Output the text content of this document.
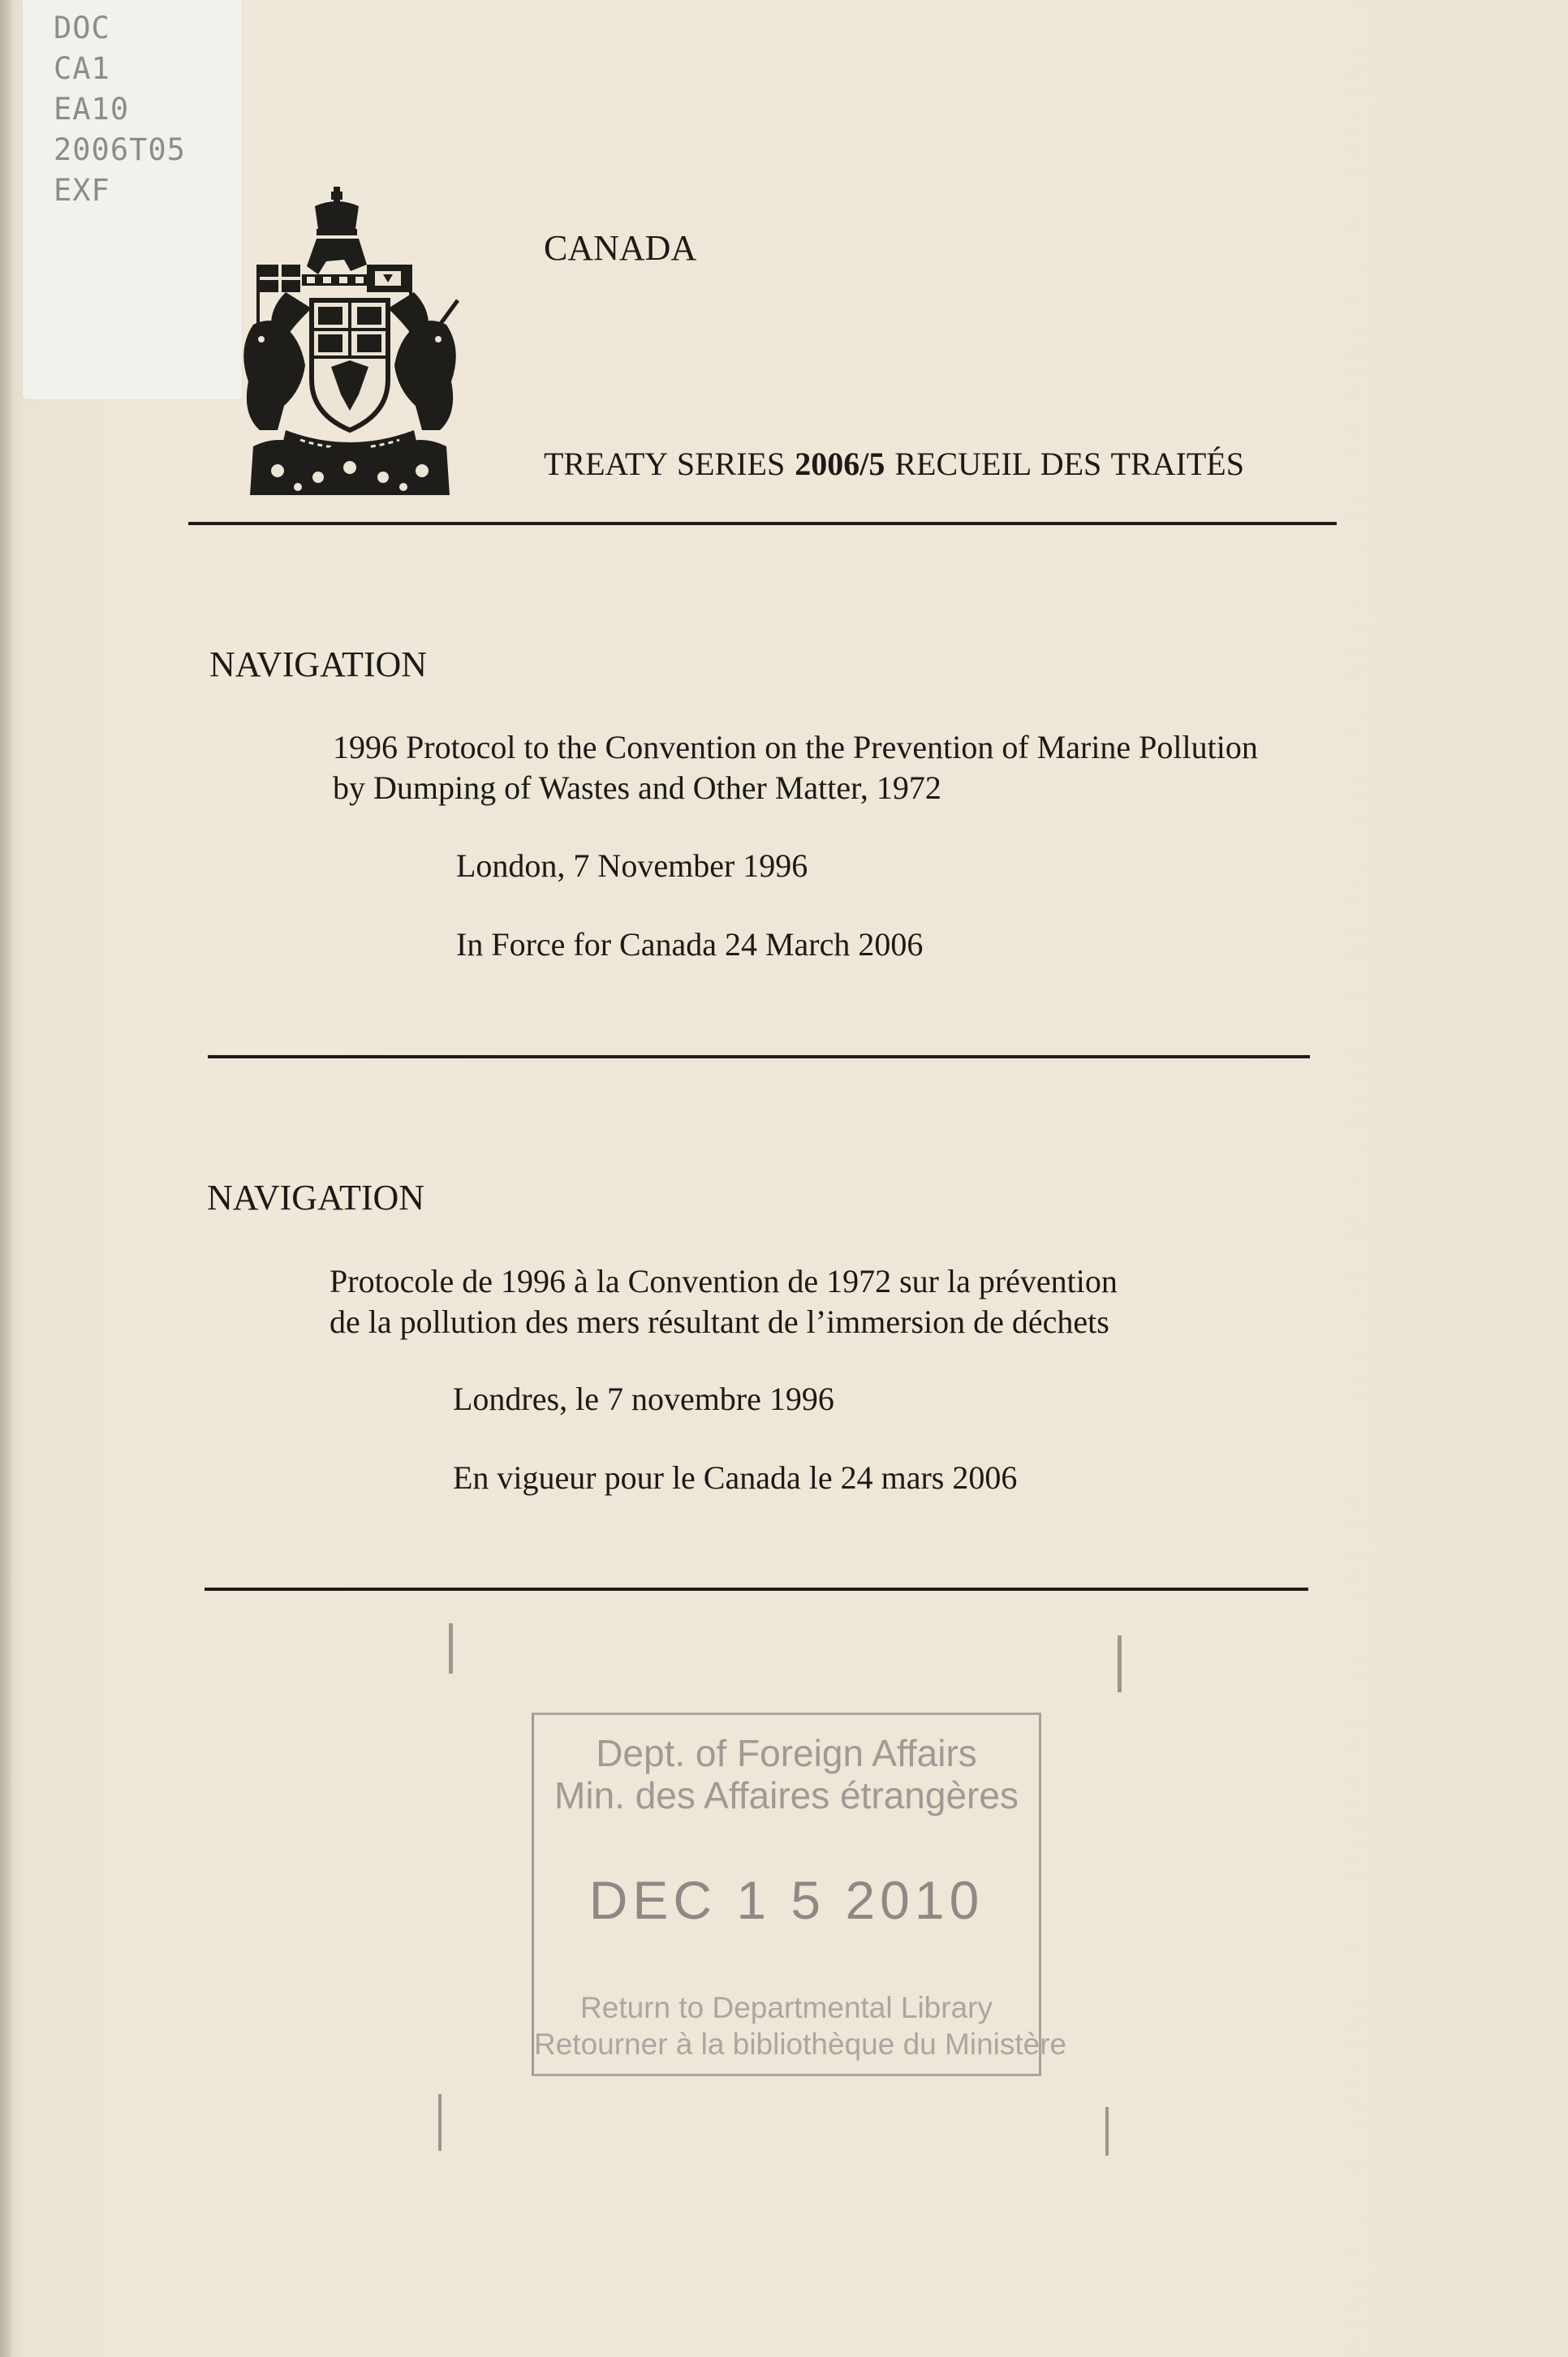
DOC
CA1
EA10
2006T05
EXF
CANADA
TREATY SERIES 2006/5 RECUEIL DES TRAITÉS
NAVIGATION
1996 Protocol to the Convention on the Prevention of Marine Pollution
by Dumping of Wastes and Other Matter, 1972
London, 7 November 1996
In Force for Canada 24 March 2006
NAVIGATION
Protocole de 1996 à la Convention de 1972 sur la prévention
de la pollution des mers résultant de l’immersion de déchets
Londres, le 7 novembre 1996
En vigueur pour le Canada le 24 mars 2006
Dept. of Foreign Affairs
Min. des Affaires étrangères
DEC 1 5 2010
Return to Departmental Library
Retourner à la bibliothèque du Ministère
